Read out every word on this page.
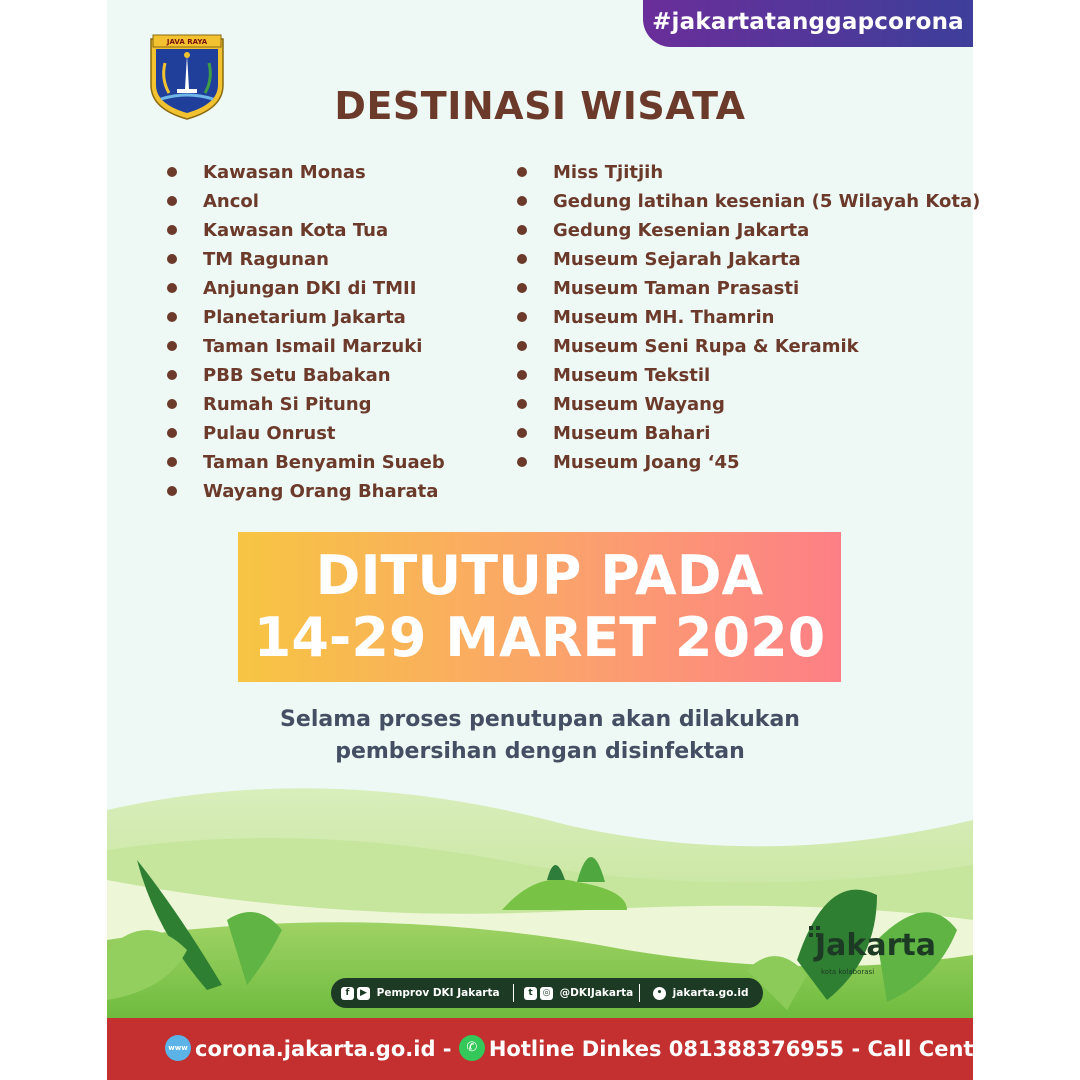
#jakartatanggapcorona
JAVA RAYA
DESTINASI WISATA
Kawasan Monas
Ancol
Kawasan Kota Tua
TM Ragunan
Anjungan DKI di TMII
Planetarium Jakarta
Taman Ismail Marzuki
PBB Setu Babakan
Rumah Si Pitung
Pulau Onrust
Taman Benyamin Suaeb
Wayang Orang Bharata
Miss Tjitjih
Gedung latihan kesenian (5 Wilayah Kota)
Gedung Kesenian Jakarta
Museum Sejarah Jakarta
Museum Taman Prasasti
Museum MH. Thamrin
Museum Seni Rupa & Keramik
Museum Tekstil
Museum Wayang
Museum Bahari
Museum Joang ‘45
DITUTUP PADA
14-29 MARET 2020
Selama proses penutupan akan dilakukan
pembersihan dengan disinfektan
Jakarta
kota kolaborasi
f ▶ Pemprov DKI Jakarta	t ◎ @DKIJakarta	• jakarta.go.id
www corona.jakarta.go.id -	✆ Hotline Dinkes 081388376955 - Call Center 112
